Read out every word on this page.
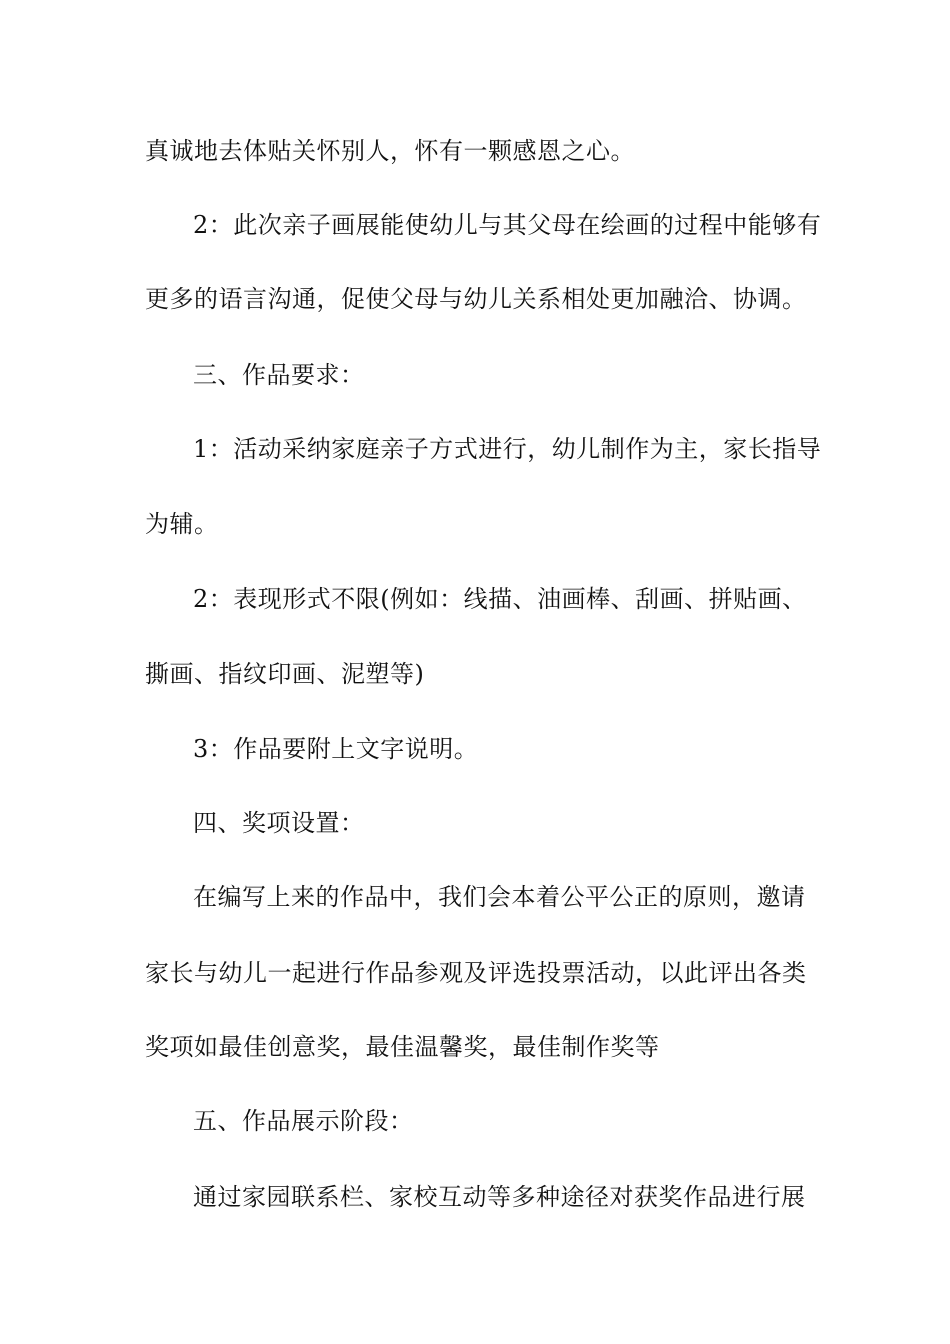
真诚地去体贴关怀别人，怀有一颗感恩之心。
2：此次亲子画展能使幼儿与其父母在绘画的过程中能够有
更多的语言沟通，促使父母与幼儿关系相处更加融洽、协调。
三、作品要求：
1：活动采纳家庭亲子方式进行，幼儿制作为主，家长指导
为辅。
2：表现形式不限(例如：线描、油画棒、刮画、拼贴画、
撕画、指纹印画、泥塑等)
3：作品要附上文字说明。
四、奖项设置：
在编写上来的作品中，我们会本着公平公正的原则，邀请
家长与幼儿一起进行作品参观及评选投票活动，以此评出各类
奖项如最佳创意奖，最佳温馨奖，最佳制作奖等
五、作品展示阶段：
通过家园联系栏、家校互动等多种途径对获奖作品进行展
